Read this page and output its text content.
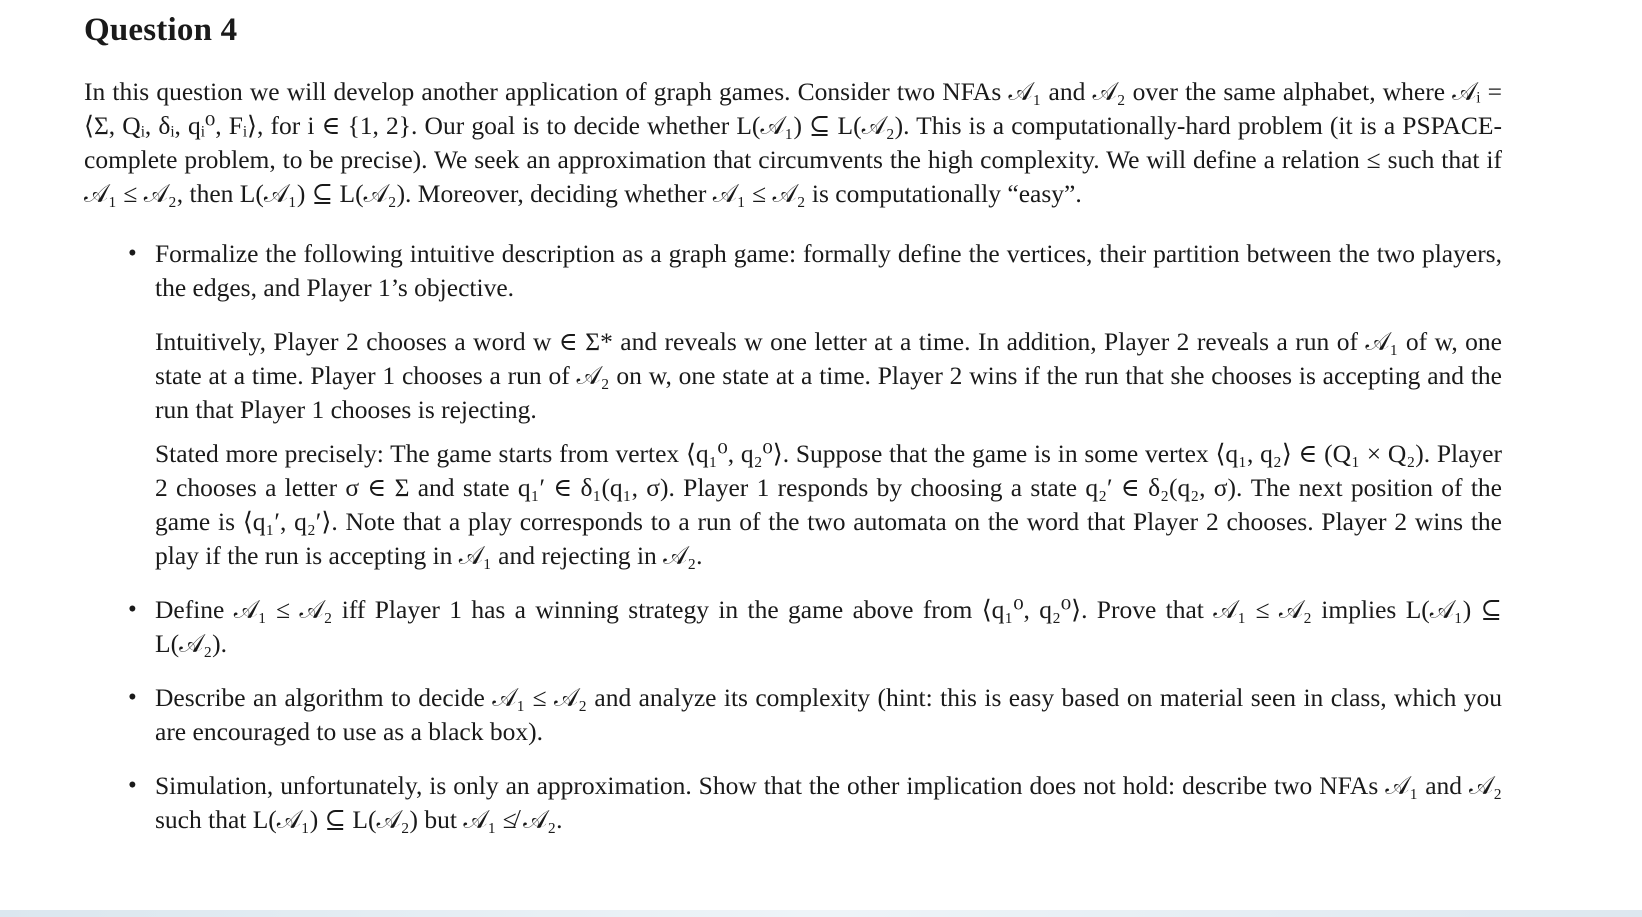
Question 4

In this question we will develop another application of graph games. Consider two NFAs 𝒜₁ and 𝒜₂ over the same alphabet, where 𝒜ᵢ = ⟨Σ, Qᵢ, δᵢ, qᵢ⁰, Fᵢ⟩, for i ∈ {1, 2}. Our goal is to decide whether L(𝒜₁) ⊆ L(𝒜₂). This is a computationally-hard problem (it is a PSPACE-complete problem, to be precise). We seek an approximation that circumvents the high complexity. We will define a relation ≤ such that if 𝒜₁ ≤ 𝒜₂, then L(𝒜₁) ⊆ L(𝒜₂). Moreover, deciding whether 𝒜₁ ≤ 𝒜₂ is computationally “easy”.

• Formalize the following intuitive description as a graph game: formally define the vertices, their partition between the two players, the edges, and Player 1’s objective.

Intuitively, Player 2 chooses a word w ∈ Σ* and reveals w one letter at a time. In addition, Player 2 reveals a run of 𝒜₁ of w, one state at a time. Player 1 chooses a run of 𝒜₂ on w, one state at a time. Player 2 wins if the run that she chooses is accepting and the run that Player 1 chooses is rejecting.

Stated more precisely: The game starts from vertex ⟨q₁⁰, q₂⁰⟩. Suppose that the game is in some vertex ⟨q₁, q₂⟩ ∈ (Q₁ × Q₂). Player 2 chooses a letter σ ∈ Σ and state q₁′ ∈ δ₁(q₁, σ). Player 1 responds by choosing a state q₂′ ∈ δ₂(q₂, σ). The next position of the game is ⟨q₁′, q₂′⟩. Note that a play corresponds to a run of the two automata on the word that Player 2 chooses. Player 2 wins the play if the run is accepting in 𝒜₁ and rejecting in 𝒜₂.

• Define 𝒜₁ ≤ 𝒜₂ iff Player 1 has a winning strategy in the game above from ⟨q₁⁰, q₂⁰⟩. Prove that 𝒜₁ ≤ 𝒜₂ implies L(𝒜₁) ⊆ L(𝒜₂).

• Describe an algorithm to decide 𝒜₁ ≤ 𝒜₂ and analyze its complexity (hint: this is easy based on material seen in class, which you are encouraged to use as a black box).

• Simulation, unfortunately, is only an approximation. Show that the other implication does not hold: describe two NFAs 𝒜₁ and 𝒜₂ such that L(𝒜₁) ⊆ L(𝒜₂) but 𝒜₁ ≰ 𝒜₂.
